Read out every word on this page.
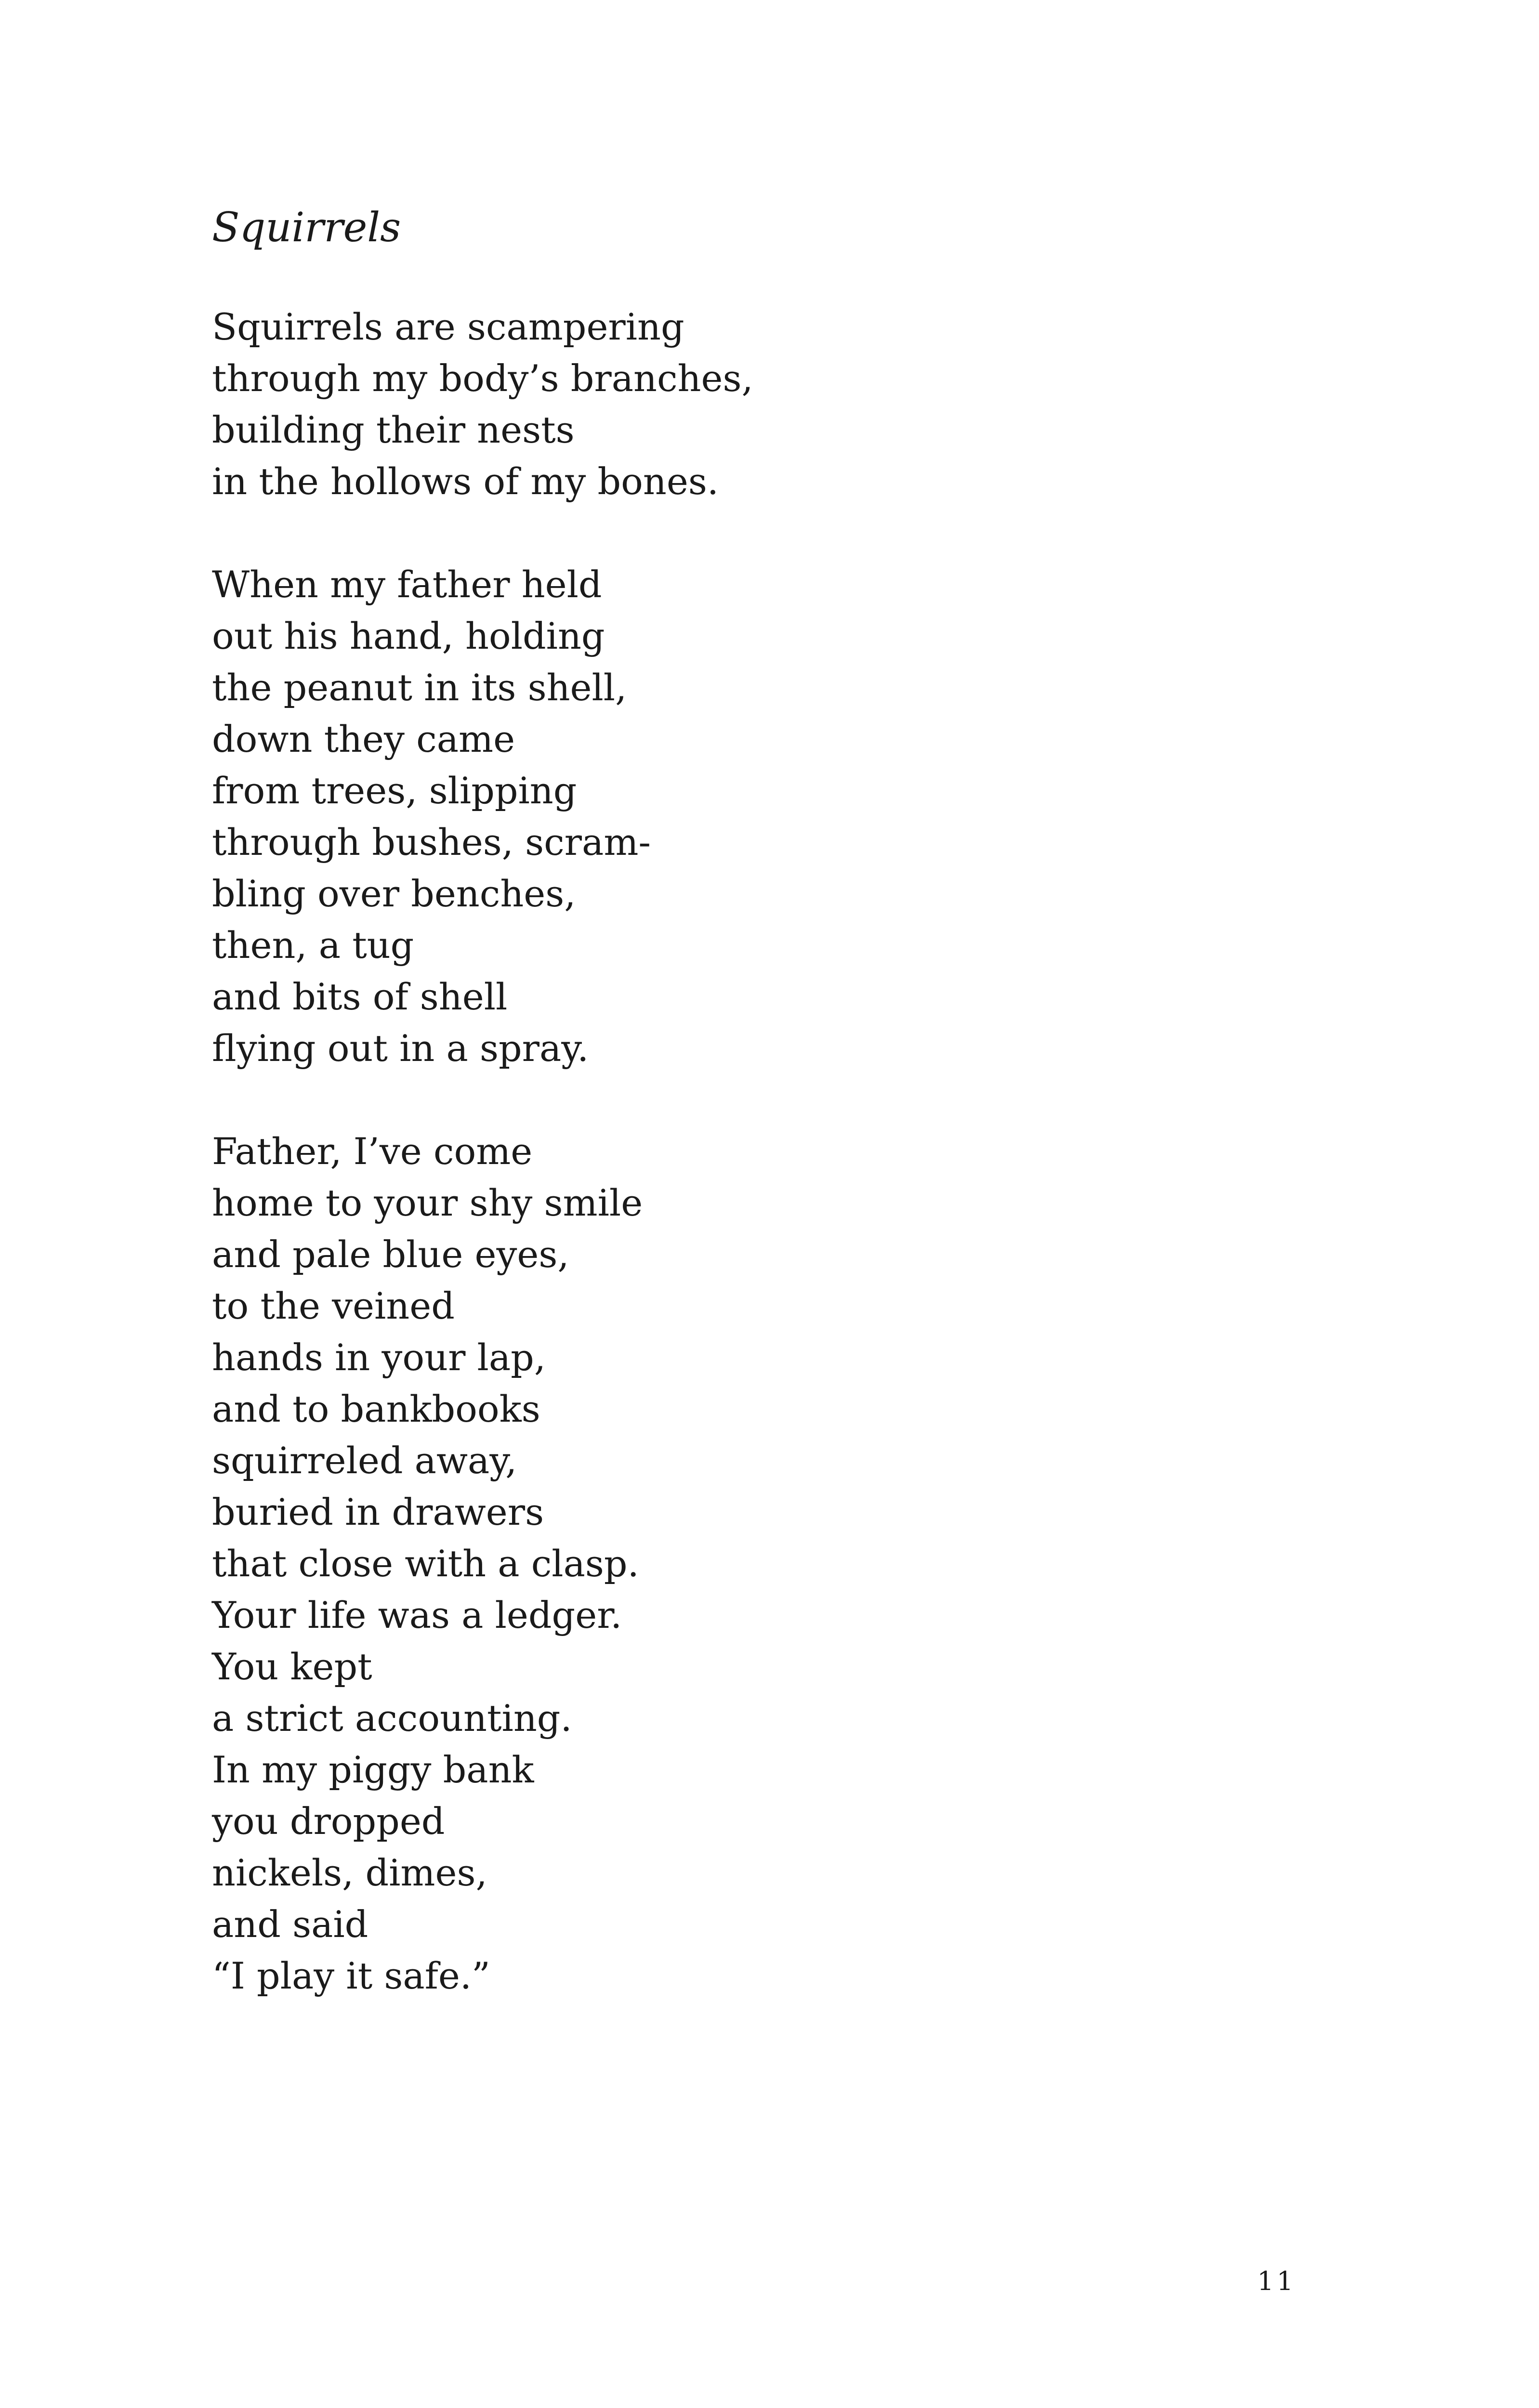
Squirrels
Squirrels are scampering
through my body’s branches,
building their nests
in the hollows of my bones.
When my father held
out his hand, holding
the peanut in its shell,
down they came
from trees, slipping
through bushes, scram-
bling over benches,
then, a tug
and bits of shell
flying out in a spray.
Father, I’ve come
home to your shy smile
and pale blue eyes,
to the veined
hands in your lap,
and to bankbooks
squirreled away,
buried in drawers
that close with a clasp.
Your life was a ledger.
You kept
a strict accounting.
In my piggy bank
you dropped
nickels, dimes,
and said
“I play it safe.”
11
